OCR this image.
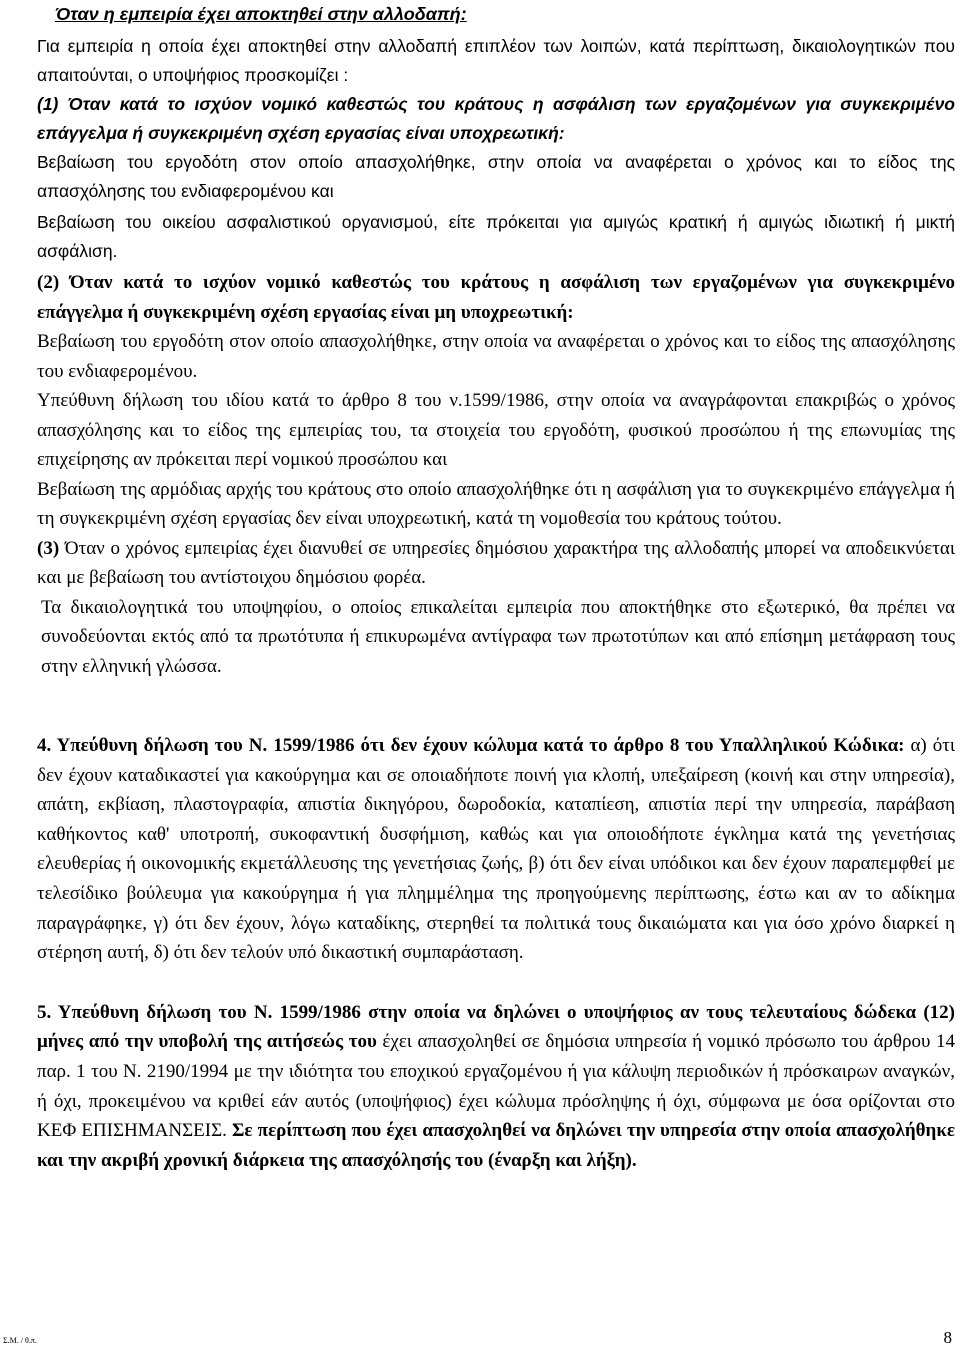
Όταν η εμπειρία έχει αποκτηθεί στην αλλοδαπή:

Για εμπειρία η οποία έχει αποκτηθεί στην αλλοδαπή επιπλέον των λοιπών, κατά περίπτωση, δικαιολογητικών που απαιτούνται, ο υποψήφιος προσκομίζει :

(1) Όταν κατά το ισχύον νομικό καθεστώς του κράτους η ασφάλιση των εργαζομένων για συγκεκριμένο επάγγελμα ή συγκεκριμένη σχέση εργασίας είναι υποχρεωτική:

Βεβαίωση του εργοδότη στον οποίο απασχολήθηκε, στην οποία να αναφέρεται ο χρόνος και το είδος της απασχόλησης του ενδιαφερομένου και

Βεβαίωση του οικείου ασφαλιστικού οργανισμού, είτε πρόκειται για αμιγώς κρατική ή αμιγώς ιδιωτική ή μικτή ασφάλιση.

(2) Όταν κατά το ισχύον νομικό καθεστώς του κράτους η ασφάλιση των εργαζομένων για συγκεκριμένο επάγγελμα ή συγκεκριμένη σχέση εργασίας είναι μη υποχρεωτική:

Βεβαίωση του εργοδότη στον οποίο απασχολήθηκε, στην οποία να αναφέρεται ο χρόνος και το είδος της απασχόλησης του ενδιαφερομένου.

Υπεύθυνη δήλωση του ιδίου κατά το άρθρο 8 του ν.1599/1986, στην οποία να αναγράφονται επακριβώς ο χρόνος απασχόλησης και το είδος της εμπειρίας του, τα στοιχεία του εργοδότη, φυσικού προσώπου ή της επωνυμίας της επιχείρησης αν πρόκειται περί νομικού προσώπου και

Βεβαίωση της αρμόδιας αρχής του κράτους στο οποίο απασχολήθηκε ότι η ασφάλιση για το συγκεκριμένο επάγγελμα ή τη συγκεκριμένη σχέση εργασίας δεν είναι υποχρεωτική, κατά τη νομοθεσία του κράτους τούτου.

(3) Όταν ο χρόνος εμπειρίας έχει διανυθεί σε υπηρεσίες δημόσιου χαρακτήρα της αλλοδαπής μπορεί να αποδεικνύεται και με βεβαίωση του αντίστοιχου δημόσιου φορέα.

Τα δικαιολογητικά του υποψηφίου, ο οποίος επικαλείται εμπειρία που αποκτήθηκε στο εξωτερικό, θα πρέπει να συνοδεύονται εκτός από τα πρωτότυπα ή επικυρωμένα αντίγραφα των πρωτοτύπων και από επίσημη μετάφραση τους στην ελληνική γλώσσα.

4. Υπεύθυνη δήλωση του Ν. 1599/1986 ότι δεν έχουν κώλυμα κατά το άρθρο 8 του Υπαλληλικού Κώδικα: α) ότι δεν έχουν καταδικαστεί για κακούργημα και σε οποιαδήποτε ποινή για κλοπή, υπεξαίρεση (κοινή και στην υπηρεσία), απάτη, εκβίαση, πλαστογραφία, απιστία δικηγόρου, δωροδοκία, καταπίεση, απιστία περί την υπηρεσία, παράβαση καθήκοντος καθ' υποτροπή, συκοφαντική δυσφήμιση, καθώς και για οποιοδήποτε έγκλημα κατά της γενετήσιας ελευθερίας ή οικονομικής εκμετάλλευσης της γενετήσιας ζωής, β) ότι δεν είναι υπόδικοι και δεν έχουν παραπεμφθεί με τελεσίδικο βούλευμα για κακούργημα ή για πλημμέλημα της προηγούμενης περίπτωσης, έστω και αν το αδίκημα παραγράφηκε, γ) ότι δεν έχουν, λόγω καταδίκης, στερηθεί τα πολιτικά τους δικαιώματα και για όσο χρόνο διαρκεί η στέρηση αυτή, δ) ότι δεν τελούν υπό δικαστική συμπαράσταση.

5. Υπεύθυνη δήλωση του Ν. 1599/1986 στην οποία να δηλώνει ο υποψήφιος αν τους τελευταίους δώδεκα (12) μήνες από την υποβολή της αιτήσεώς του έχει απασχοληθεί σε δημόσια υπηρεσία ή νομικό πρόσωπο του άρθρου 14 παρ. 1 του Ν. 2190/1994 με την ιδιότητα του εποχικού εργαζομένου ή για κάλυψη περιοδικών ή πρόσκαιρων αναγκών, ή όχι, προκειμένου να κριθεί εάν αυτός (υποψήφιος) έχει κώλυμα πρόσληψης ή όχι, σύμφωνα με όσα ορίζονται στο ΚΕΦ ΕΠΙΣΗΜΑΝΣΕΙΣ. Σε περίπτωση που έχει απασχοληθεί να δηλώνει την υπηρεσία στην οποία απασχολήθηκε και την ακριβή χρονική διάρκεια της απασχόλησής του (έναρξη και λήξη).

Σ.Μ. / θ.π.	8
